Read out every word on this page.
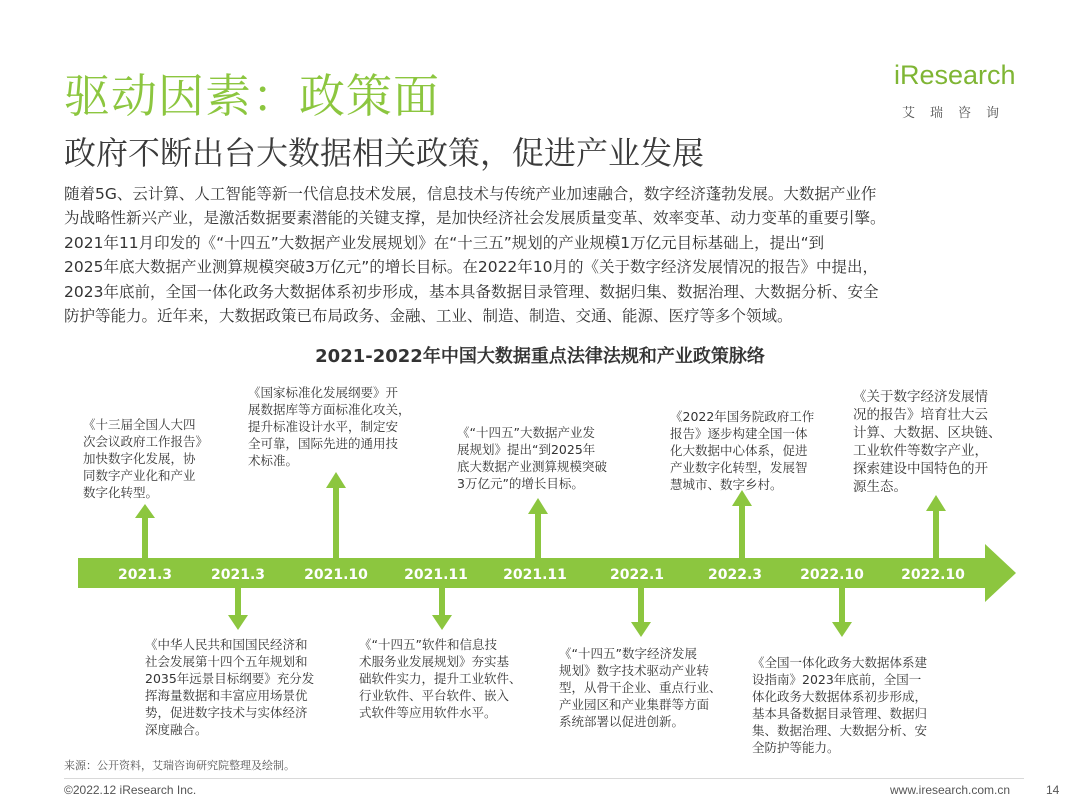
驱动因素：政策面
政府不断出台大数据相关政策，促进产业发展
iResearch
艾瑞咨询

随着5G、云计算、人工智能等新一代信息技术发展，信息技术与传统产业加速融合，数字经济蓬勃发展。大数据产业作

为战略性新兴产业，是激活数据要素潜能的关键支撑，是加快经济社会发展质量变革、效率变革、动力变革的重要引擎。

2021年11月印发的《“十四五”大数据产业发展规划》在“十三五”规划的产业规模1万亿元目标基础上，提出“到

2025年底大数据产业测算规模突破3万亿元”的增长目标。在2022年10月的《关于数字经济发展情况的报告》中提出，

2023年底前，全国一体化政务大数据体系初步形成，基本具备数据目录管理、数据归集、数据治理、大数据分析、安全

防护等能力。近年来，大数据政策已布局政务、金融、工业、制造、制造、交通、能源、医疗等多个领域。

2021-2022年中国大数据重点法律法规和产业政策脉络
2021.3	2021.3	2021.10	2021.11	2021.11	2022.1	2022.3	2022.10	2022.10

《十三届全国人大四

次会议政府工作报告》

加快数字化发展，协

同数字产业化和产业

数字化转型。

《国家标准化发展纲要》开

展数据库等方面标准化攻关，

提升标准设计水平，制定安

全可靠，国际先进的通用技

术标准。

《“十四五”大数据产业发

展规划》提出“到2025年

底大数据产业测算规模突破

3万亿元”的增长目标。

《2022年国务院政府工作

报告》逐步构建全国一体

化大数据中心体系，促进

产业数字化转型，发展智

慧城市、数字乡村。

《关于数字经济发展情

况的报告》培育壮大云

计算、大数据、区块链、

工业软件等数字产业，

探索建设中国特色的开

源生态。

《中华人民共和国国民经济和

社会发展第十四个五年规划和

2035年远景目标纲要》充分发

挥海量数据和丰富应用场景优

势，促进数字技术与实体经济

深度融合。

《“十四五”软件和信息技

术服务业发展规划》夯实基

础软件实力，提升工业软件、

行业软件、平台软件、嵌入

式软件等应用软件水平。

《“十四五”数字经济发展

规划》数字技术驱动产业转

型，从骨干企业、重点行业、

产业园区和产业集群等方面

系统部署以促进创新。

《全国一体化政务大数据体系建

设指南》2023年底前，全国一

体化政务大数据体系初步形成，

基本具备数据目录管理、数据归

集、数据治理、大数据分析、安

全防护等能力。

来源：公开资料，艾瑞咨询研究院整理及绘制。
©2022.12 iResearch Inc.	www.iresearch.com.cn	14
